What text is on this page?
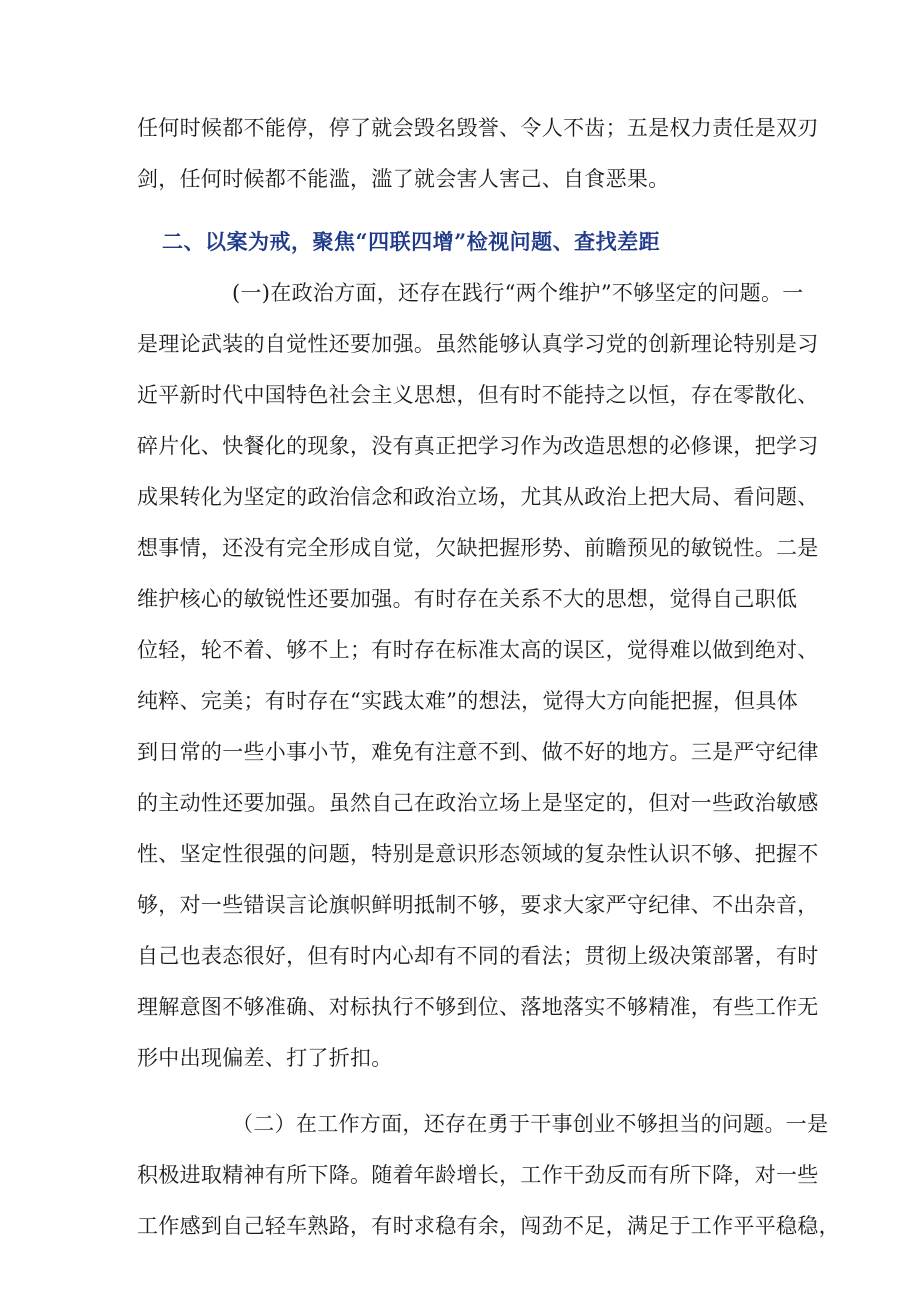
任何时候都不能停，停了就会毁名毁誉、令人不齿；五是权力责任是双刃
剑，任何时候都不能滥，滥了就会害人害己、自食恶果。
二、以案为戒，聚焦“四联四增”检视问题、查找差距
(一)在政治方面，还存在践行“两个维护”不够坚定的问题。一
是理论武装的自觉性还要加强。虽然能够认真学习党的创新理论特别是习
近平新时代中国特色社会主义思想，但有时不能持之以恒，存在零散化、
碎片化、快餐化的现象，没有真正把学习作为改造思想的必修课，把学习
成果转化为坚定的政治信念和政治立场，尤其从政治上把大局、看问题、
想事情，还没有完全形成自觉，欠缺把握形势、前瞻预见的敏锐性。二是
维护核心的敏锐性还要加强。有时存在关系不大的思想，觉得自己职低
位轻，轮不着、够不上；有时存在标准太高的误区，觉得难以做到绝对、
纯粹、完美；有时存在“实践太难”的想法，觉得大方向能把握，但具体
到日常的一些小事小节，难免有注意不到、做不好的地方。三是严守纪律
的主动性还要加强。虽然自己在政治立场上是坚定的，但对一些政治敏感
性、坚定性很强的问题，特别是意识形态领域的复杂性认识不够、把握不
够，对一些错误言论旗帜鲜明抵制不够，要求大家严守纪律、不出杂音，
自己也表态很好，但有时内心却有不同的看法；贯彻上级决策部署，有时
理解意图不够准确、对标执行不够到位、落地落实不够精准，有些工作无
形中出现偏差、打了折扣。
（二）在工作方面，还存在勇于干事创业不够担当的问题。一是
积极进取精神有所下降。随着年龄增长，工作干劲反而有所下降，对一些
工作感到自己轻车熟路，有时求稳有余，闯劲不足，满足于工作平平稳稳，
